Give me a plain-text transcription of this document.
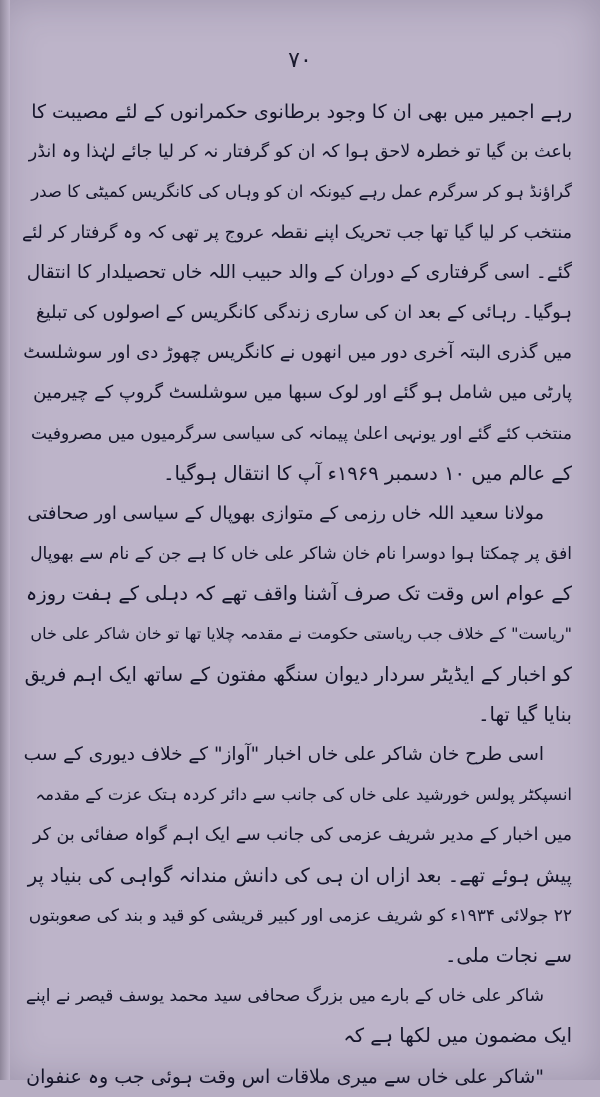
۷۰
رہے اجمیر میں بھی ان کا وجود برطانوی حکمرانوں کے لئے مصیبت کا
باعث بن گیا تو خطرہ لاحق ہوا کہ ان کو گرفتار نہ کر لیا جائے لہٰذا وہ انڈر
گراؤنڈ ہو کر سرگرم عمل رہے کیونکہ ان کو وہاں کی کانگریس کمیٹی کا صدر
منتخب کر لیا گیا تھا جب تحریک اپنے نقطہ عروج پر تھی کہ وہ گرفتار کر لئے
گئے۔ اسی گرفتاری کے دوران کے والد حبیب اللہ خاں تحصیلدار کا انتقال
ہوگیا۔ رہائی کے بعد ان کی ساری زندگی کانگریس کے اصولوں کی تبلیغ
میں گذری البتہ آخری دور میں انھوں نے کانگریس چھوڑ دی اور سوشلسٹ
پارٹی میں شامل ہو گئے اور لوک سبھا میں سوشلسٹ گروپ کے چیرمین
منتخب کئے گئے اور یونہی اعلیٰ پیمانہ کی سیاسی سرگرمیوں میں مصروفیت
کے عالم میں ۱۰ دسمبر ۱۹۶۹ء آپ کا انتقال ہوگیا۔
مولانا سعید اللہ خاں رزمی کے متوازی بھوپال کے سیاسی اور صحافتی
افق پر چمکتا ہوا دوسرا نام خان شاکر علی خاں کا ہے جن کے نام سے بھوپال
کے عوام اس وقت تک صرف آشنا واقف تھے کہ دہلی کے ہفت روزہ
"ریاست" کے خلاف جب ریاستی حکومت نے مقدمہ چلایا تھا تو خان شاکر علی خاں
کو اخبار کے ایڈیٹر سردار دیوان سنگھ مفتون کے ساتھ ایک اہم فریق
بنایا گیا تھا۔
اسی طرح خان شاکر علی خاں اخبار "آواز" کے خلاف دیوری کے سب
انسپکٹر پولس خورشید علی خاں کی جانب سے دائر کردہ ہتک عزت کے مقدمہ
میں اخبار کے مدیر شریف عزمی کی جانب سے ایک اہم گواہ صفائی بن کر
پیش ہوئے تھے۔ بعد ازاں ان ہی کی دانش مندانہ گواہی کی بنیاد پر
۲۲ جولائی ۱۹۳۴ء کو شریف عزمی اور کبیر قریشی کو قید و بند کی صعوبتوں
سے نجات ملی۔
شاکر علی خاں کے بارے میں بزرگ صحافی سید محمد یوسف قیصر نے اپنے
ایک مضمون میں لکھا ہے کہ
"شاکر علی خاں سے میری ملاقات اس وقت ہوئی جب وہ عنفوان
